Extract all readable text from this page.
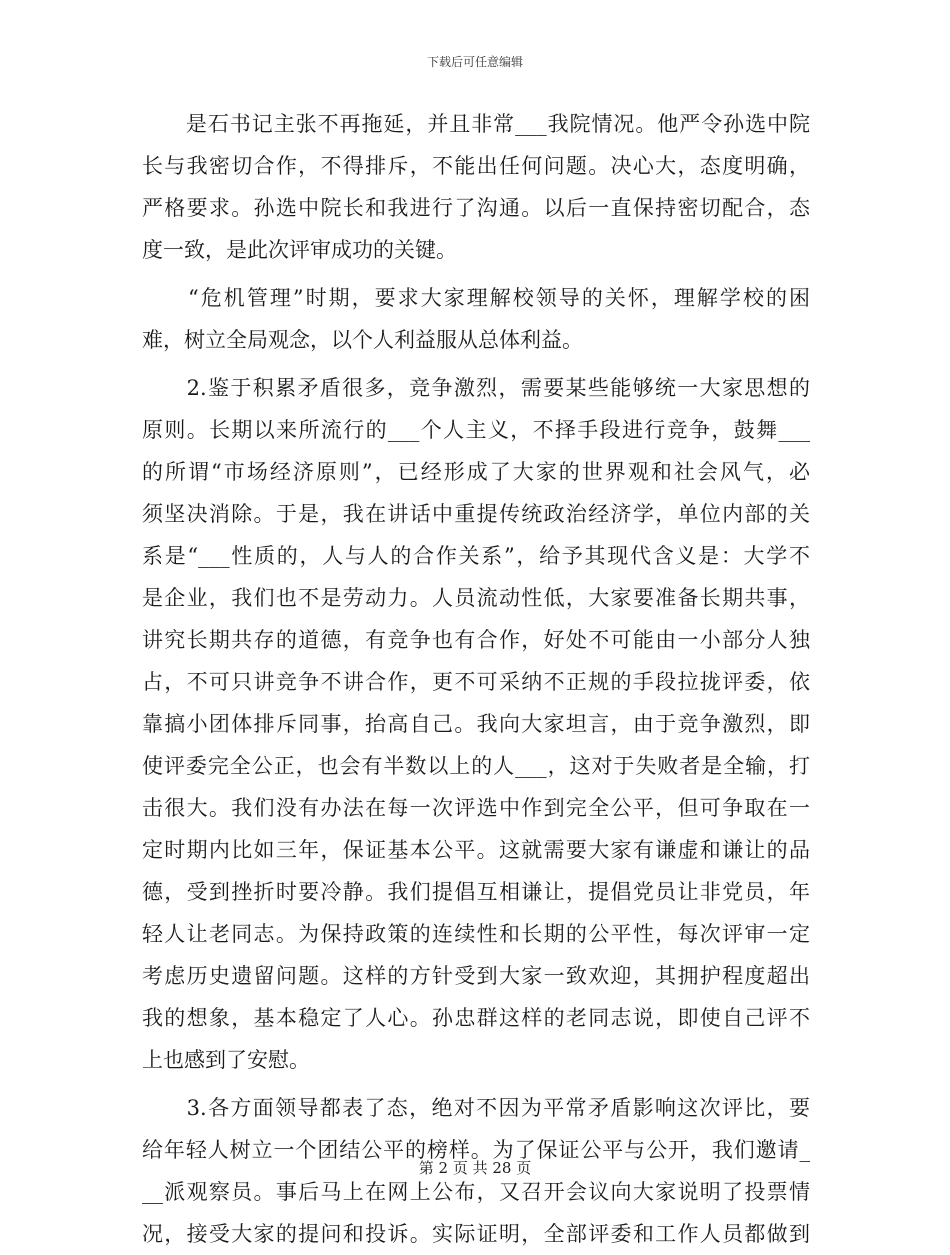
下载后可任意编辑
　　是石书记主张不再拖延，并且非常___我院情况。他严令孙选中院
长与我密切合作，不得排斥，不能出任何问题。决心大，态度明确，
严格要求。孙选中院长和我进行了沟通。以后一直保持密切配合，态
度一致，是此次评审成功的关键。
　　“危机管理”时期，要求大家理解校领导的关怀，理解学校的困
难，树立全局观念，以个人利益服从总体利益。
　　2.鉴于积累矛盾很多，竞争激烈，需要某些能够统一大家思想的
原则。长期以来所流行的___个人主义，不择手段进行竞争，鼓舞___
的所谓“市场经济原则”，已经形成了大家的世界观和社会风气，必
须坚决消除。于是，我在讲话中重提传统政治经济学，单位内部的关
系是“___性质的，人与人的合作关系”，给予其现代含义是：大学不
是企业，我们也不是劳动力。人员流动性低，大家要准备长期共事，
讲究长期共存的道德，有竞争也有合作，好处不可能由一小部分人独
占，不可只讲竞争不讲合作，更不可采纳不正规的手段拉拢评委，依
靠搞小团体排斥同事，抬高自己。我向大家坦言，由于竞争激烈，即
使评委完全公正，也会有半数以上的人___，这对于失败者是全输，打
击很大。我们没有办法在每一次评选中作到完全公平，但可争取在一
定时期内比如三年，保证基本公平。这就需要大家有谦虚和谦让的品
德，受到挫折时要冷静。我们提倡互相谦让，提倡党员让非党员，年
轻人让老同志。为保持政策的连续性和长期的公平性，每次评审一定
考虑历史遗留问题。这样的方针受到大家一致欢迎，其拥护程度超出
我的想象，基本稳定了人心。孙忠群这样的老同志说，即使自己评不
上也感到了安慰。
　　3.各方面领导都表了态，绝对不因为平常矛盾影响这次评比，要
给年轻人树立一个团结公平的榜样。为了保证公平与公开，我们邀请_
__派观察员。事后马上在网上公布，又召开会议向大家说明了投票情
况，接受大家的提问和投诉。实际证明，全部评委和工作人员都做到
第 2 页 共 28 页
